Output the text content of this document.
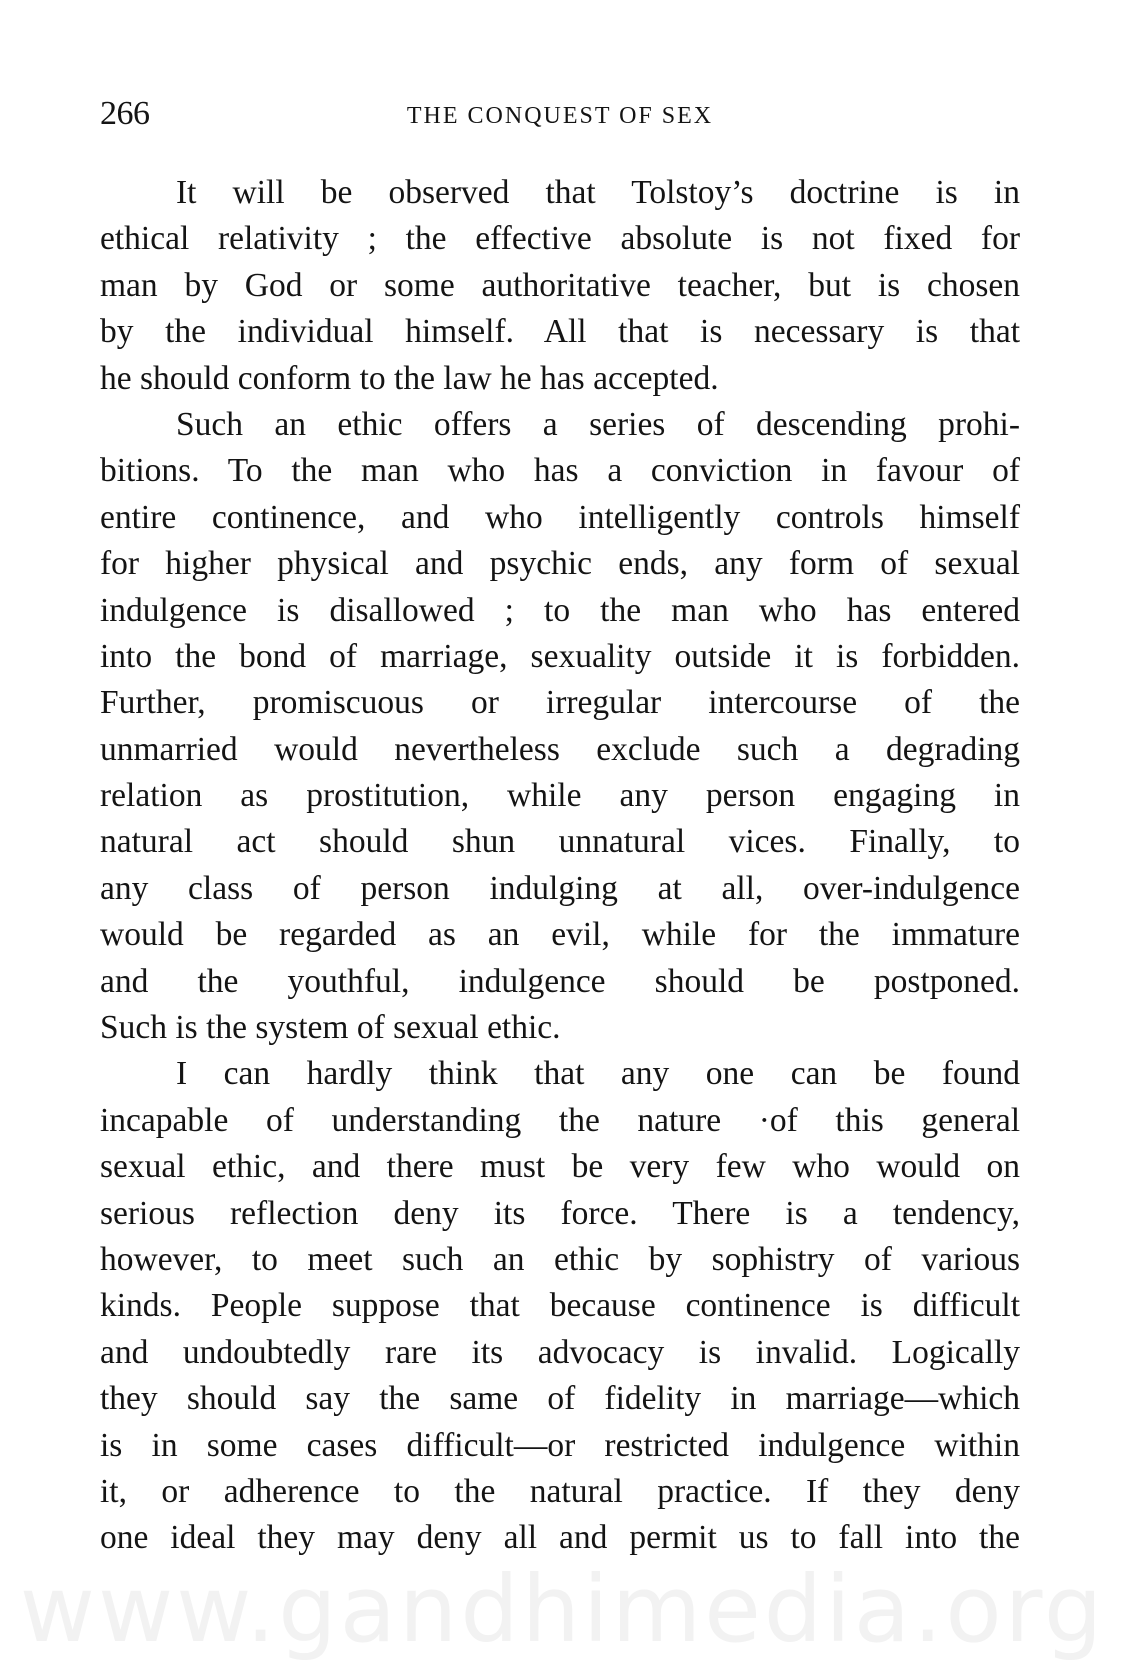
266	THE CONQUEST OF SEX
It will be observed that Tolstoy’s doctrine is in
ethical relativity ; the effective absolute is not fixed for
man by God or some authoritative teacher, but is chosen
by the individual himself. All that is necessary is that
he should conform to the law he has accepted.
Such an ethic offers a series of descending prohi-
bitions. To the man who has a conviction in favour of
entire continence, and who intelligently controls himself
for higher physical and psychic ends, any form of sexual
indulgence is disallowed ; to the man who has entered
into the bond of marriage, sexuality outside it is forbidden.
Further, promiscuous or irregular intercourse of the
unmarried would nevertheless exclude such a degrading
relation as prostitution, while any person engaging in
natural act should shun unnatural vices. Finally, to
any class of person indulging at all, over-indulgence
would be regarded as an evil, while for the immature
and the youthful, indulgence should be postponed.
Such is the system of sexual ethic.
I can hardly think that any one can be found
incapable of understanding the nature ·of this general
sexual ethic, and there must be very few who would on
serious reflection deny its force. There is a tendency,
however, to meet such an ethic by sophistry of various
kinds. People suppose that because continence is difficult
and undoubtedly rare its advocacy is invalid. Logically
they should say the same of fidelity in marriage—which
is in some cases difficult—or restricted indulgence within
it, or adherence to the natural practice. If they deny
one ideal they may deny all and permit us to fall into the
www.gandhimedia.org
